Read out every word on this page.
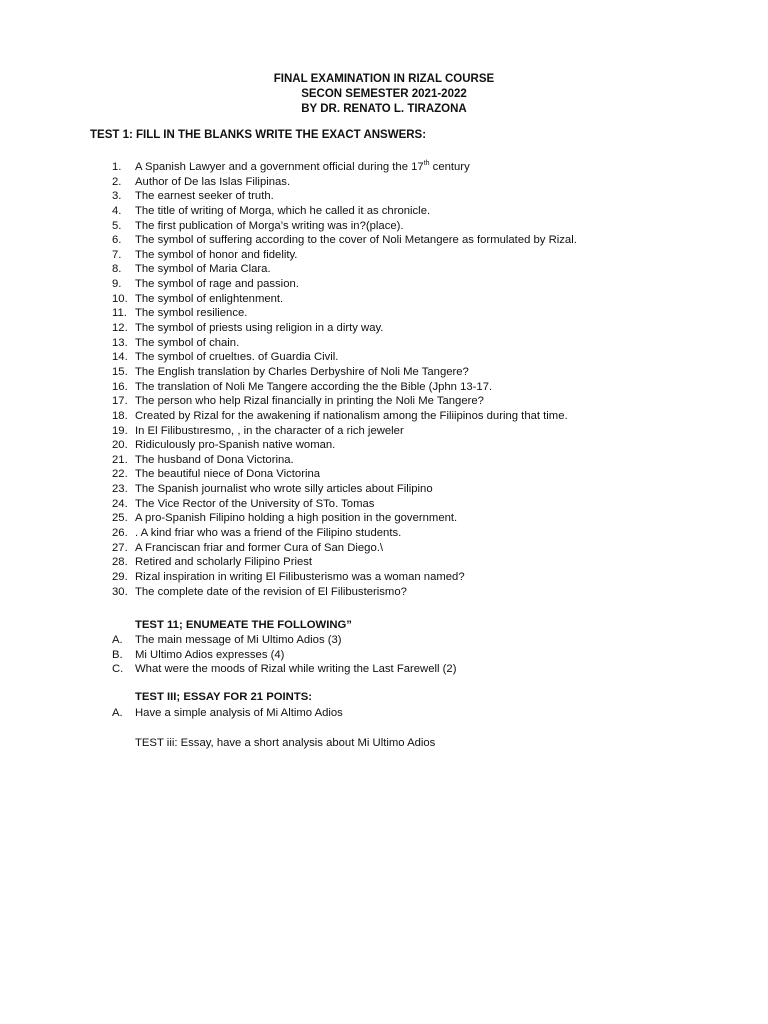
FINAL EXAMINATION IN RIZAL COURSE
SECON SEMESTER 2021-2022
BY DR. RENATO L. TIRAZONA
TEST 1: FILL IN THE BLANKS WRITE THE EXACT ANSWERS:
1.	A Spanish Lawyer and a government official during the 17th century
2.	Author of De las Islas Filipinas.
3.	The earnest seeker of truth.
4.	The title of writing of Morga, which he called it as chronicle.
5.	The first publication of Morga’s writing was in?(place).
6.	The symbol of suffering according to the cover of Noli Metangere as formulated by Rizal.
7.	The symbol of honor and fidelity.
8.	The symbol of Maria Clara.
9.	The symbol of rage and passion.
10. The symbol of enlightenment.
11. The symbol resilience.
12. The symbol of priests using religion in a dirty way.
13. The symbol of chain.
14. The symbol of crueltıes. of Guardia Civil.
15. The English translation by Charles Derbyshire of Noli Me Tangere?
16. The translation of Noli Me Tangere according the the Bible (Jphn 13-17.
17. The person who help Rizal financially in printing the Noli Me Tangere?
18. Created by Rizal for the awakening if nationalism among the Filiipinos during that time.
19. In El Filibustıresmo, , in the character of a rich jeweler
20. Ridiculously pro-Spanish native woman.
21. The husband of Dona Victorina.
22. The beautiful niece of Dona Victorina
23. The Spanish journalist who wrote silly articles about Filipino
24. The Vice Rector of the University of STo. Tomas
25. A pro-Spanish Filipino holding a high position in the government.
26. . A kind friar who was a friend of the Filipino students.
27. A Franciscan friar and former Cura of San Diego.\
28. Retired and scholarly Filipino Priest
29. Rizal inspiration in writing El Filibusterismo was a woman named?
30. The complete date of the revision of El Filibusterismo?
TEST 11; ENUMEATE THE FOLLOWING”
A.	The main message of Mi Ultimo Adios (3)
B.	Mi Ultimo Adios expresses (4)
C.	What were the moods of Rizal while writing the Last Farewell (2)
TEST III; ESSAY FOR 21 POINTS:
A.	Have a simple analysis of Mi Altimo Adios
TEST iii: Essay, have a short analysis about Mi Ultimo Adios
